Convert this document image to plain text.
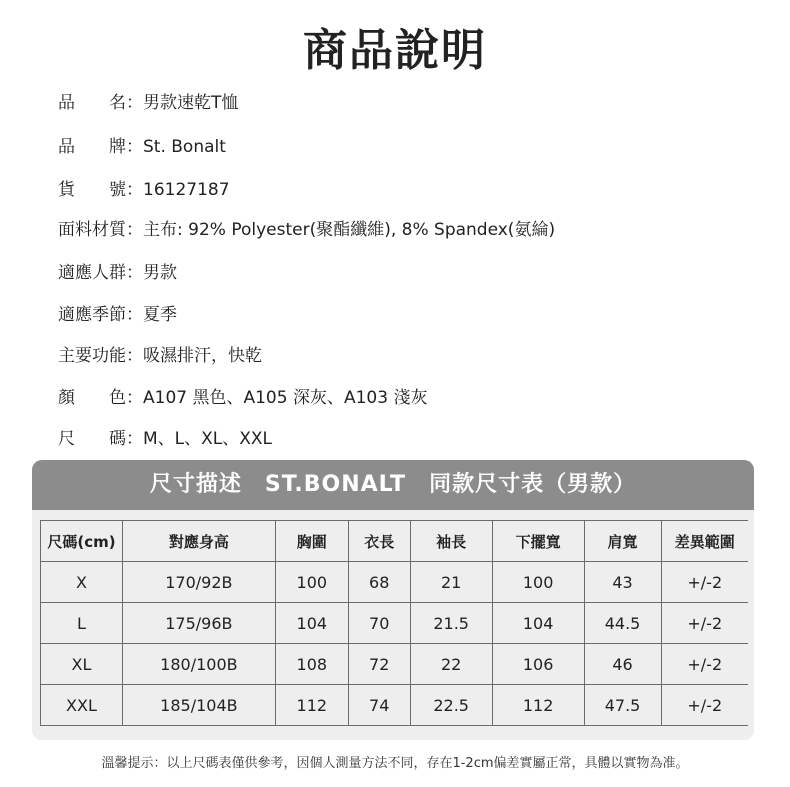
商品說明
品　　名：男款速乾T恤
品　　牌：St. Bonalt
貨　　號：16127187
面料材質：主布: 92% Polyester(聚酯纖維), 8% Spandex(氨綸)
適應人群：男款
適應季節：夏季
主要功能：吸濕排汗，快乾
顏　　色：A107 黑色、A105 深灰、A103 淺灰
尺　　碼：M、L、XL、XXL
尺寸描述　ST.BONALT　同款尺寸表（男款）
尺碼(cm)	對應身高	胸圍	衣長	袖長	下擺寬	肩寬	差異範圍
X	170/92B	100	68	21	100	43	+/-2
L	175/96B	104	70	21.5	104	44.5	+/-2
XL	180/100B	108	72	22	106	46	+/-2
XXL	185/104B	112	74	22.5	112	47.5	+/-2
溫馨提示：以上尺碼表僅供參考，因個人測量方法不同，存在1-2cm偏差實屬正常，具體以實物為准。
